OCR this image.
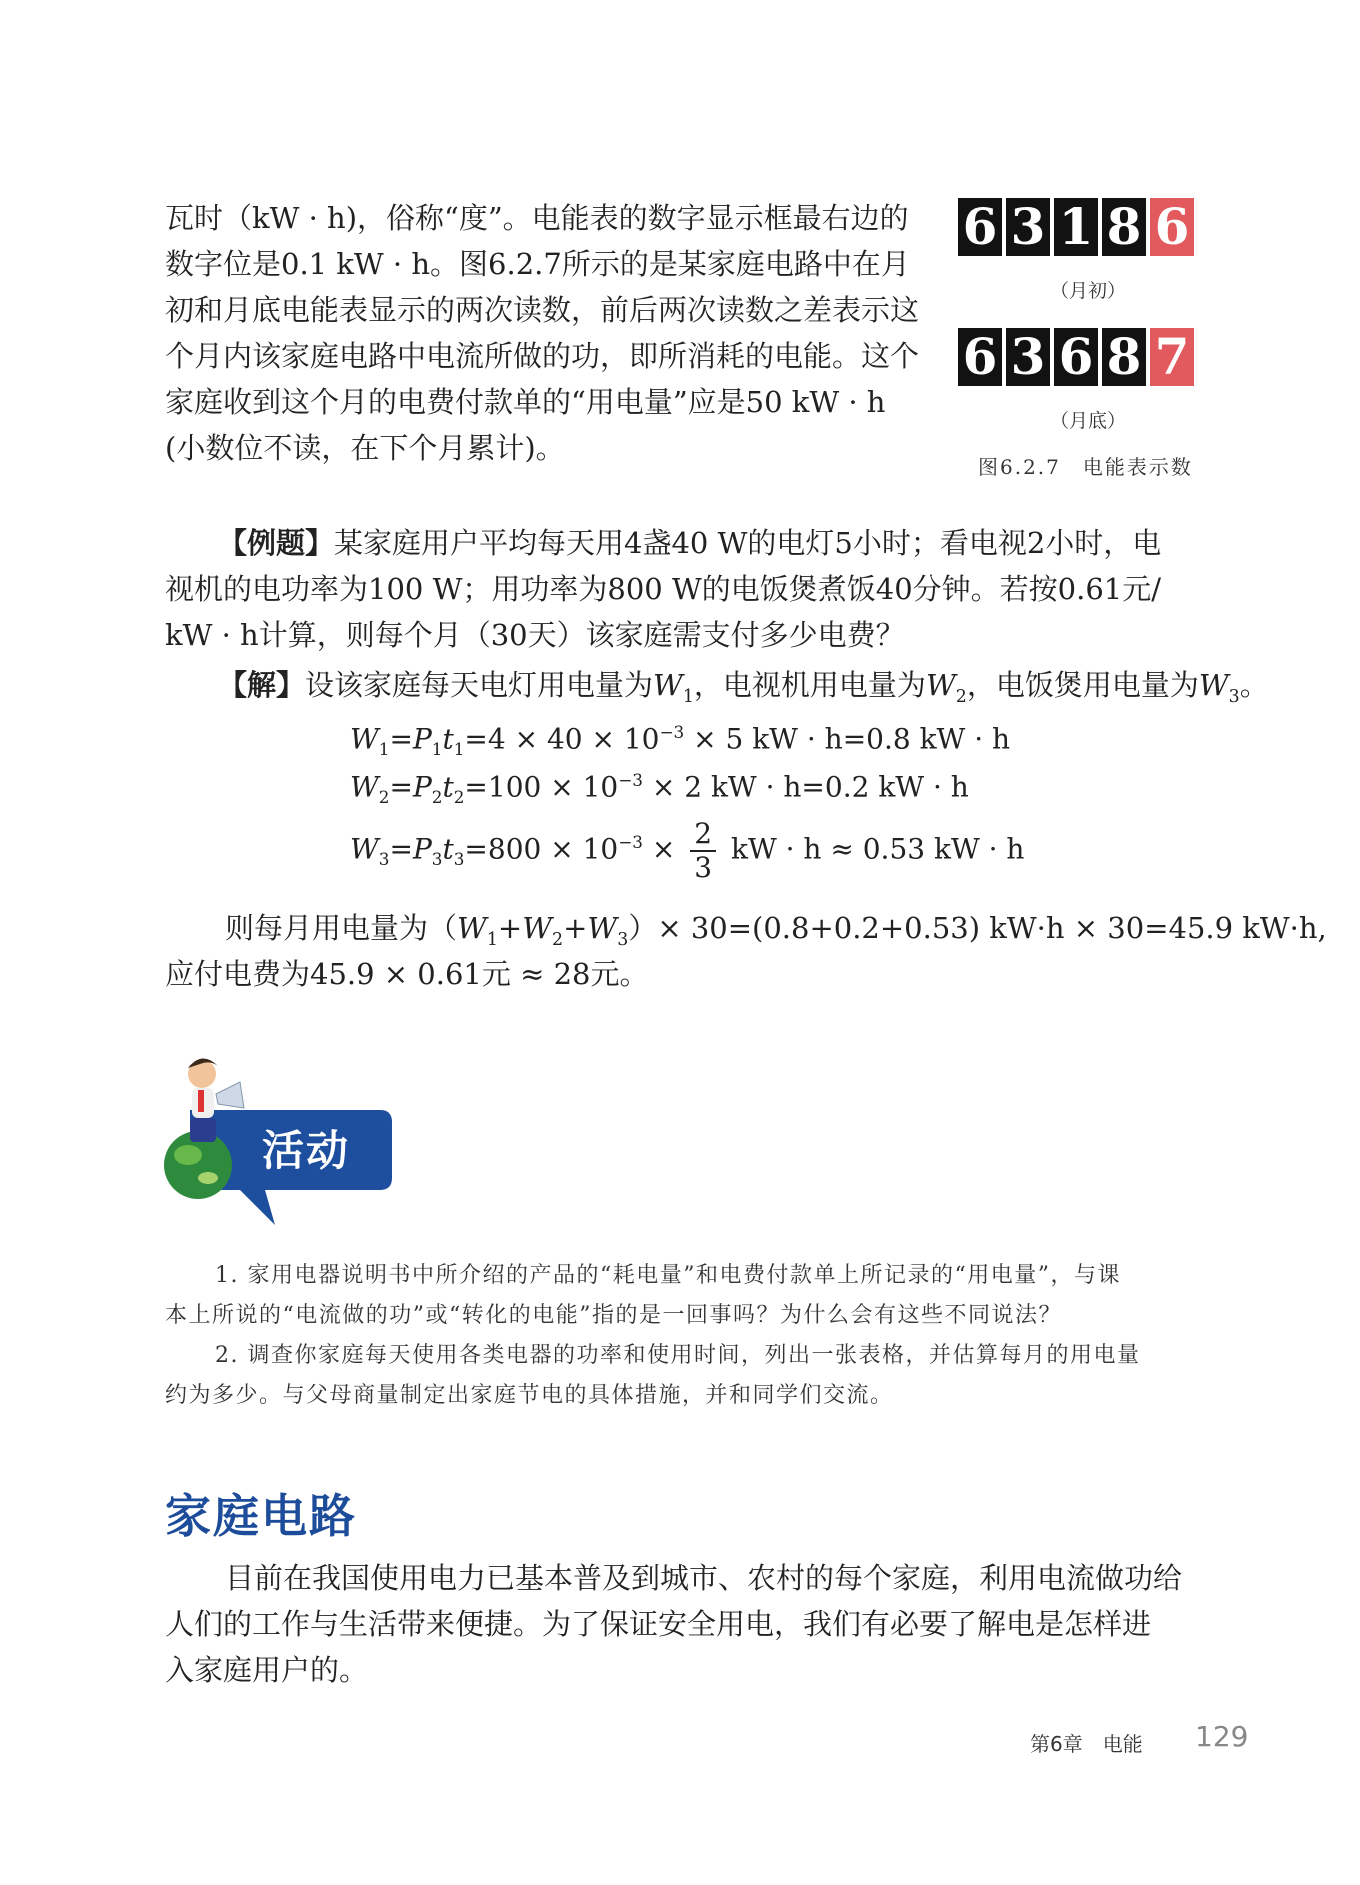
瓦时（kW · h)，俗称“度”。电能表的数字显示框最右边的
数字位是0.1 kW · h。图6.2.7所示的是某家庭电路中在月
初和月底电能表显示的两次读数，前后两次读数之差表示这
个月内该家庭电路中电流所做的功，即所消耗的电能。这个
家庭收到这个月的电费付款单的“用电量”应是50 kW · h
(小数位不读，在下个月累计)。
6 3 1 8 6
（月初）
6 3 6 8 7
（月底）
图6.2.7　电能表示数
【例题】某家庭用户平均每天用4盏40 W的电灯5小时；看电视2小时，电
视机的电功率为100 W；用功率为800 W的电饭煲煮饭40分钟。若按0.61元/
kW · h计算，则每个月（30天）该家庭需支付多少电费？
【解】设该家庭每天电灯用电量为$W_1$，电视机用电量为$W_2$，电饭煲用电量为$W_3$。
$W_1=P_1t_1=4 \times 40 \times 10^{-3} \times 5$ kW · h=0.8 kW · h
$W_2=P_2t_2=100 \times 10^{-3} \times 2$ kW · h=0.2 kW · h
$W_3=P_3t_3=800 \times 10^{-3} \times \frac{2}{3}$ kW · h ≈ 0.53 kW · h
则每月用电量为$(W_1+W_2+W_3)\times 30=(0.8+0.2+0.53) kW\cdot h \times 30=45.9$ kW·h,
应付电费为45.9 × 0.61元 ≈ 28元。
活动
1. 家用电器说明书中所介绍的产品的“耗电量”和电费付款单上所记录的“用电量”，与课
本上所说的“电流做的功”或“转化的电能”指的是一回事吗？为什么会有这些不同说法？
2. 调查你家庭每天使用各类电器的功率和使用时间，列出一张表格，并估算每月的用电量
约为多少。与父母商量制定出家庭节电的具体措施，并和同学们交流。
家庭电路
目前在我国使用电力已基本普及到城市、农村的每个家庭，利用电流做功给
人们的工作与生活带来便捷。为了保证安全用电，我们有必要了解电是怎样进
入家庭用户的。
第6章　电能 129
